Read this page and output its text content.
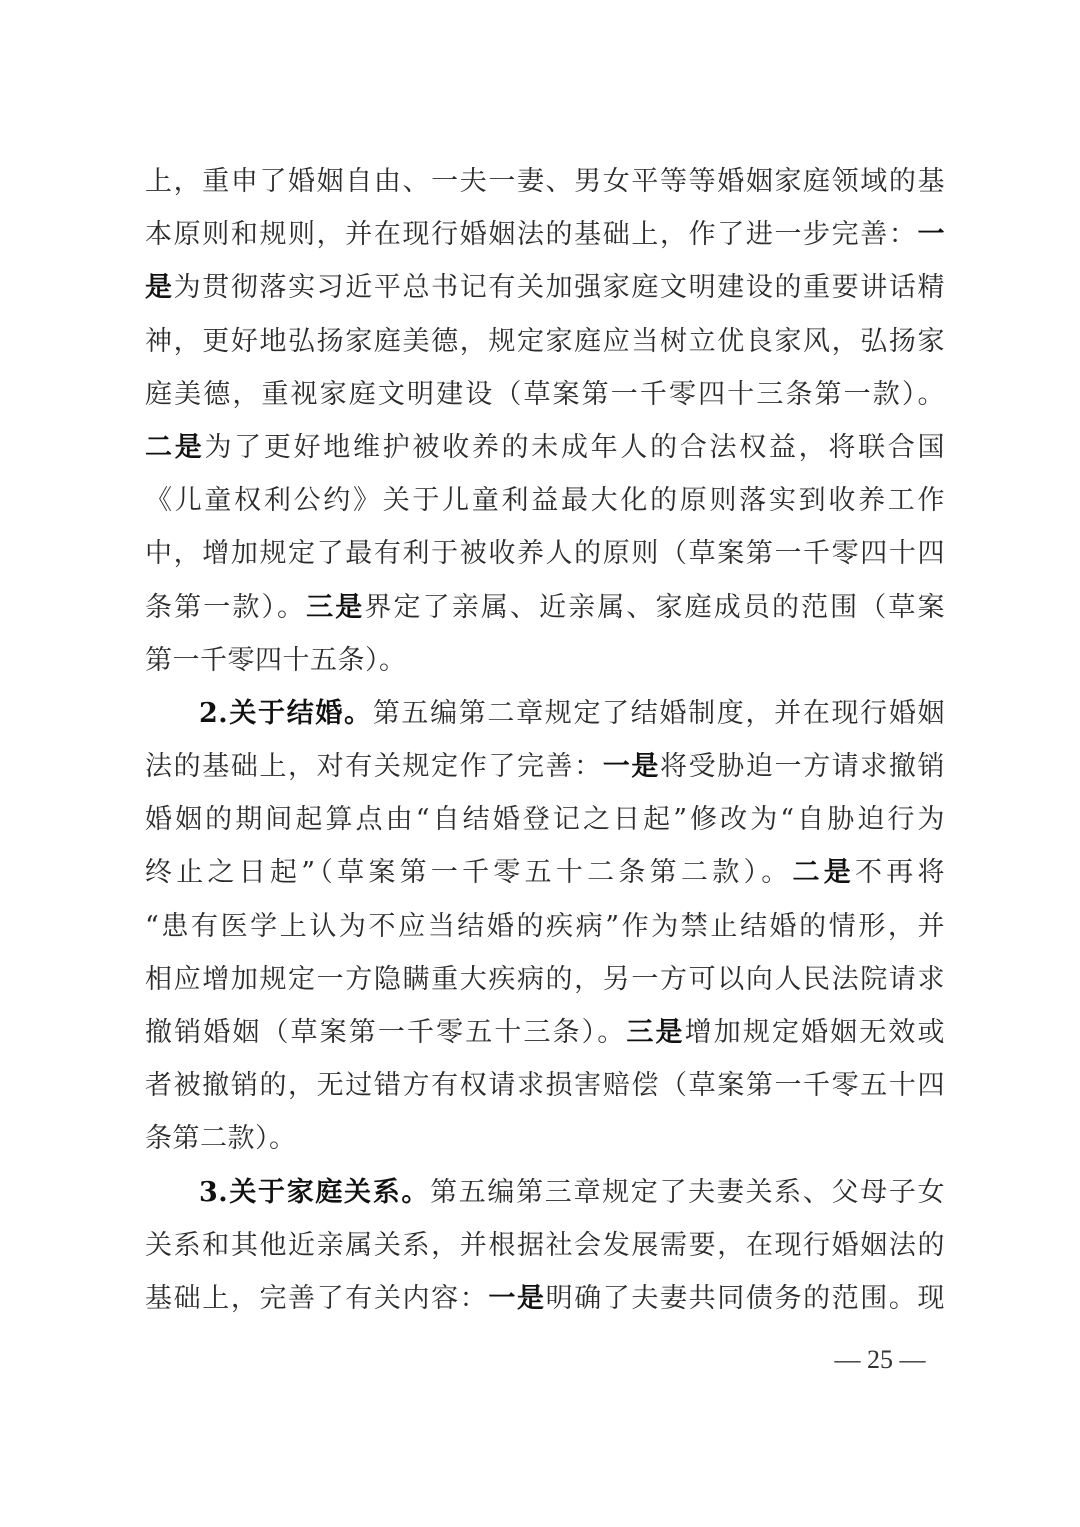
上，重申了婚姻自由、一夫一妻、男女平等等婚姻家庭领域的基
本原则和规则，并在现行婚姻法的基础上，作了进一步完善：一
是为贯彻落实习近平总书记有关加强家庭文明建设的重要讲话精
神，更好地弘扬家庭美德，规定家庭应当树立优良家风，弘扬家
庭美德，重视家庭文明建设（草案第一千零四十三条第一款）。
二是为了更好地维护被收养的未成年人的合法权益，将联合国
《儿童权利公约》关于儿童利益最大化的原则落实到收养工作
中，增加规定了最有利于被收养人的原则（草案第一千零四十四
条第一款）。三是界定了亲属、近亲属、家庭成员的范围（草案
第一千零四十五条）。
2.关于结婚。第五编第二章规定了结婚制度，并在现行婚姻
法的基础上，对有关规定作了完善：一是将受胁迫一方请求撤销
婚姻的期间起算点由“自结婚登记之日起”修改为“自胁迫行为
终止之日起”（草案第一千零五十二条第二款）。二是不再将
“患有医学上认为不应当结婚的疾病”作为禁止结婚的情形，并
相应增加规定一方隐瞒重大疾病的，另一方可以向人民法院请求
撤销婚姻（草案第一千零五十三条）。三是增加规定婚姻无效或
者被撤销的，无过错方有权请求损害赔偿（草案第一千零五十四
条第二款）。
3.关于家庭关系。第五编第三章规定了夫妻关系、父母子女
关系和其他近亲属关系，并根据社会发展需要，在现行婚姻法的
基础上，完善了有关内容：一是明确了夫妻共同债务的范围。现
— 25 —
